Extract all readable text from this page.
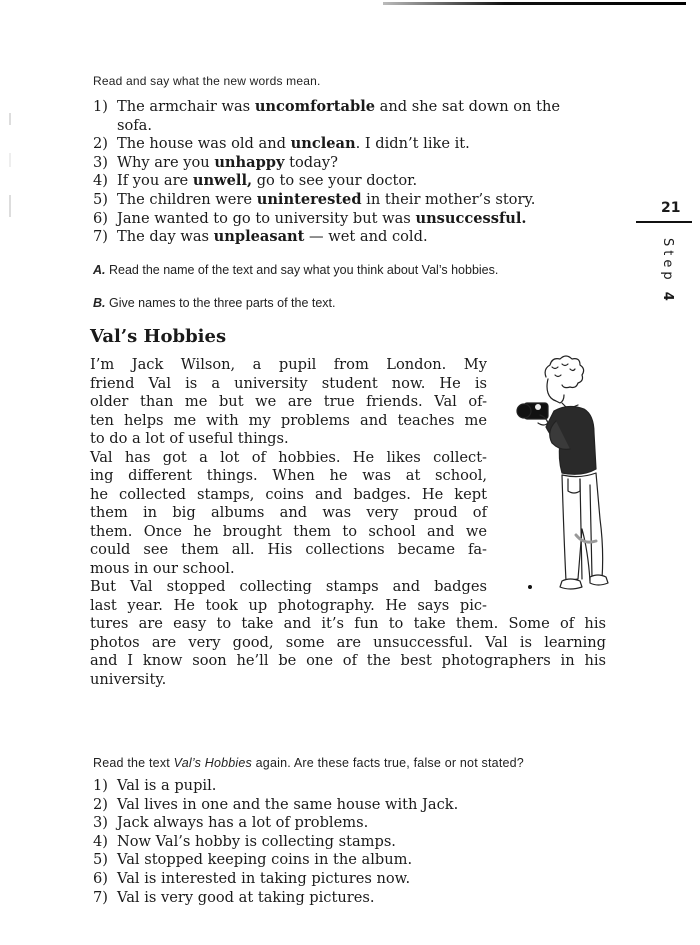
Read and say what the new words mean.
1) The armchair was uncomfortable and she sat down on the
sofa.
2) The house was old and unclean. I didn’t like it.
3) Why are you unhappy today?
4) If you are unwell, go to see your doctor.
5) The children were uninterested in their mother’s story.
6) Jane wanted to go to university but was unsuccessful.
7) The day was unpleasant — wet and cold.
21
Step 4
A. Read the name of the text and say what you think about Val’s hobbies.
B. Give names to the three parts of the text.
Val’s Hobbies
I’m Jack Wilson, a pupil from London. My
friend Val is a university student now. He is
older than me but we are true friends. Val of-
ten helps me with my problems and teaches me
to do a lot of useful things.
Val has got a lot of hobbies. He likes collect-
ing different things. When he was at school,
he collected stamps, coins and badges. He kept
them in big albums and was very proud of
them. Once he brought them to school and we
could see them all. His collections became fa-
mous in our school.
But Val stopped collecting stamps and badges
last year. He took up photography. He says pic-
tures are easy to take and it’s fun to take them. Some of his
photos are very good, some are unsuccessful. Val is learning
and I know soon he’ll be one of the best photographers in his
university.
Read the text Val’s Hobbies again. Are these facts true, false or not stated?
1) Val is a pupil.
2) Val lives in one and the same house with Jack.
3) Jack always has a lot of problems.
4) Now Val’s hobby is collecting stamps.
5) Val stopped keeping coins in the album.
6) Val is interested in taking pictures now.
7) Val is very good at taking pictures.
